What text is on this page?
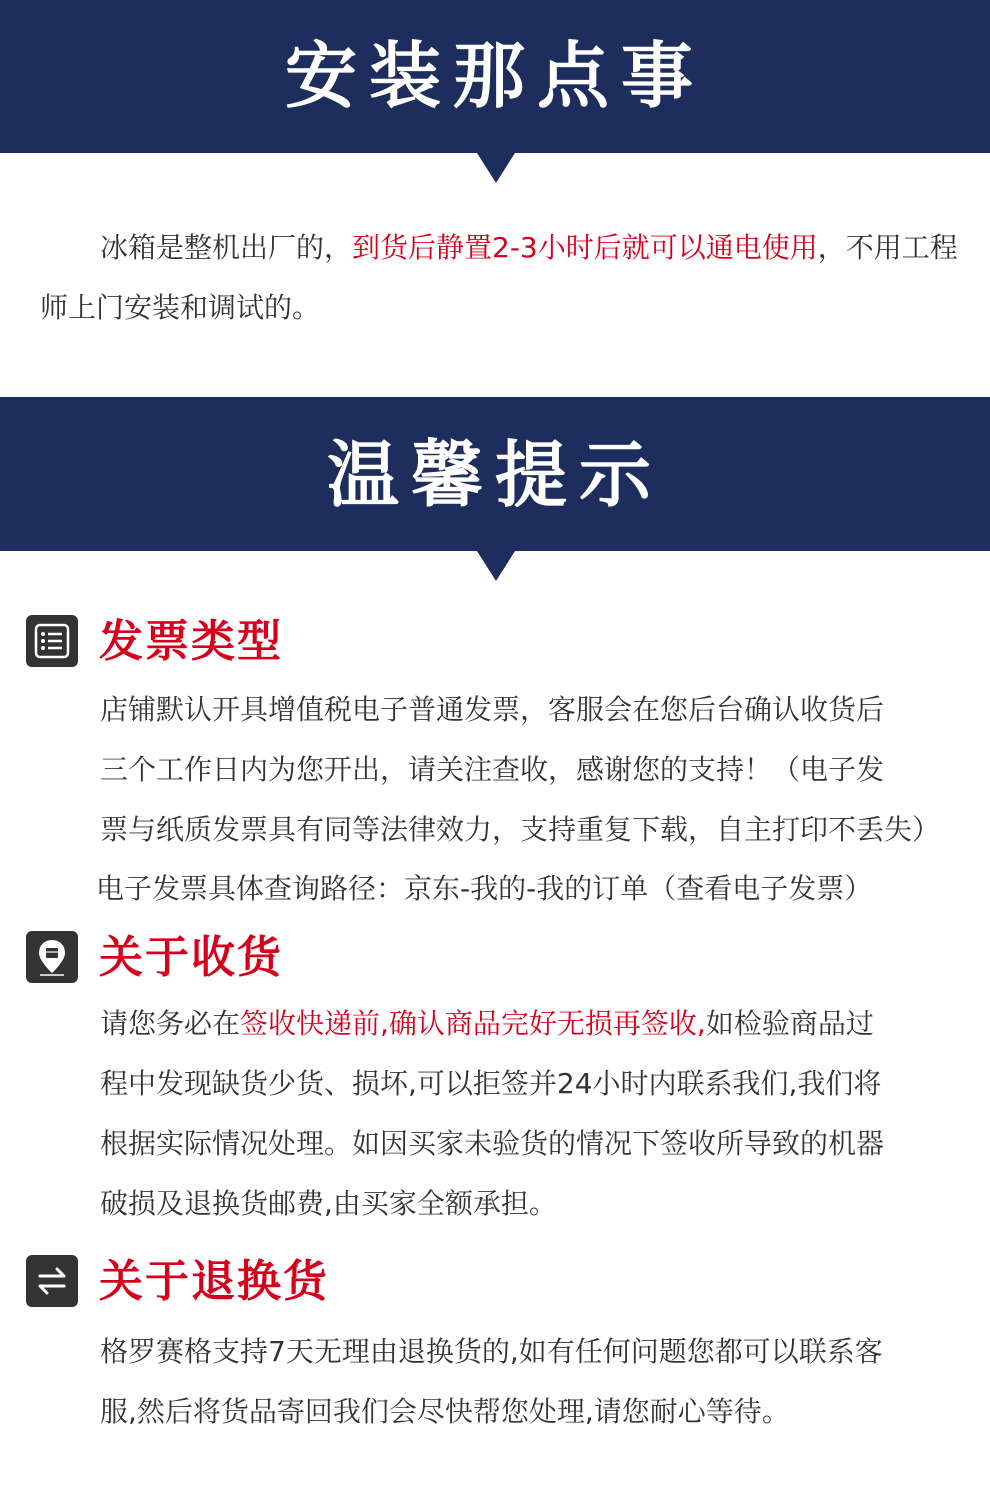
安装那点事
冰箱是整机出厂的，到货后静置2-3小时后就可以通电使用，不用工程师上门安装和调试的。
温馨提示
发票类型
店铺默认开具增值税电子普通发票，客服会在您后台确认收货后
三个工作日内为您开出，请关注查收，感谢您的支持！（电子发
票与纸质发票具有同等法律效力，支持重复下载，自主打印不丢失）
电子发票具体查询路径：京东-我的-我的订单（查看电子发票）
关于收货
请您务必在签收快递前,确认商品完好无损再签收,如检验商品过
程中发现缺货少货、损坏,可以拒签并24小时内联系我们,我们将
根据实际情况处理。如因买家未验货的情况下签收所导致的机器
破损及退换货邮费,由买家全额承担。
关于退换货
格罗赛格支持7天无理由退换货的,如有任何问题您都可以联系客
服,然后将货品寄回我们会尽快帮您处理,请您耐心等待。
